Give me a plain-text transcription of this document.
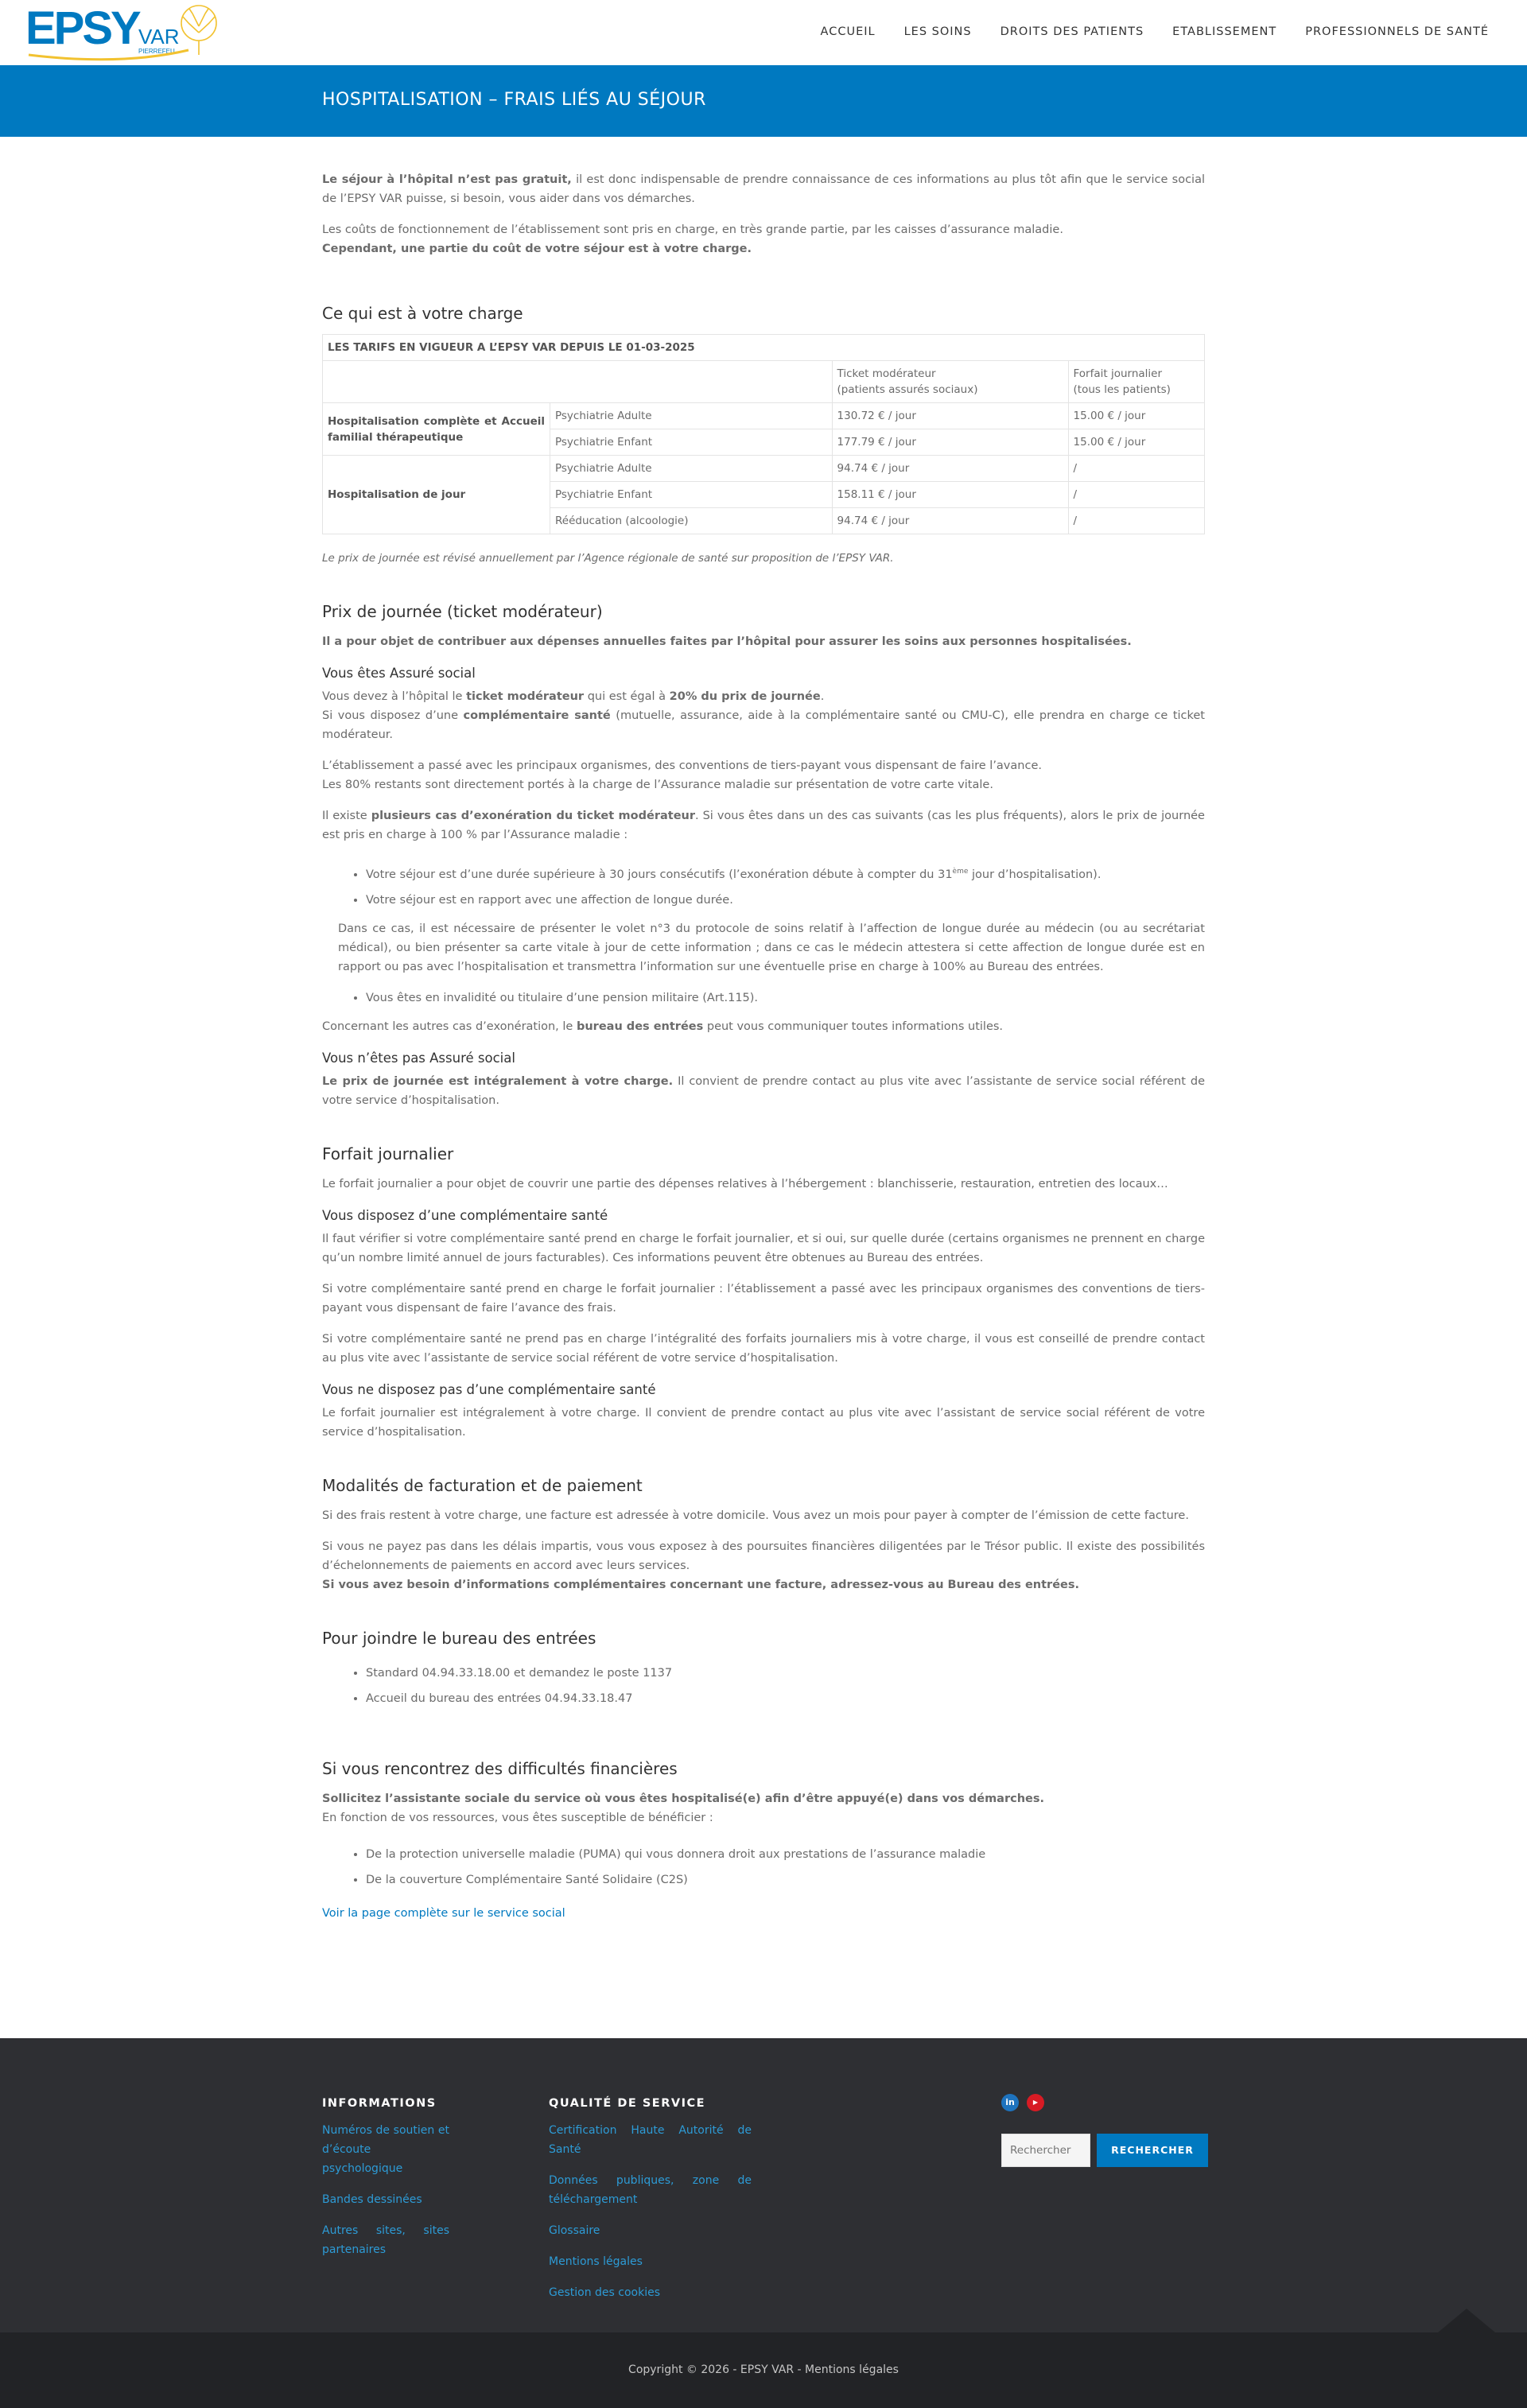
EPSY VAR
PIERREFEU
ACCUEIL LES SOINS DROITS DES PATIENTS ETABLISSEMENT PROFESSIONNELS DE SANTÉ
HOSPITALISATION – FRAIS LIÉS AU SÉJOUR

Le séjour à l’hôpital n’est pas gratuit, il est donc indispensable de prendre connaissance de ces informations au plus tôt afin que le service social de l’EPSY VAR puisse, si besoin, vous aider dans vos démarches.

Les coûts de fonctionnement de l’établissement sont pris en charge, en très grande partie, par les caisses d’assurance maladie.
Cependant, une partie du coût de votre séjour est à votre charge.

Ce qui est à votre charge
LES TARIFS EN VIGUEUR A L’EPSY VAR DEPUIS LE 01-03-2025			
		Ticket modérateur
(patients assurés sociaux)	Forfait journalier
(tous les patients)
Hospitalisation complète et Accueil familial thérapeutique	Psychiatrie Adulte	130.72 € / jour	15.00 € / jour
	Psychiatrie Enfant	177.79 € / jour	15.00 € / jour
Hospitalisation de jour	Psychiatrie Adulte	94.74 € / jour	/
	Psychiatrie Enfant	158.11 € / jour	/
	Rééducation (alcoologie)	94.74 € / jour	/

Le prix de journée est révisé annuellement par l’Agence régionale de santé sur proposition de l’EPSY VAR.

Prix de journée (ticket modérateur)

Il a pour objet de contribuer aux dépenses annuelles faites par l’hôpital pour assurer les soins aux personnes hospitalisées.

Vous êtes Assuré social

Vous devez à l’hôpital le ticket modérateur qui est égal à 20% du prix de journée.
Si vous disposez d’une complémentaire santé (mutuelle, assurance, aide à la complémentaire santé ou CMU-C), elle prendra en charge ce ticket modérateur.

L’établissement a passé avec les principaux organismes, des conventions de tiers-payant vous dispensant de faire l’avance.
Les 80% restants sont directement portés à la charge de l’Assurance maladie sur présentation de votre carte vitale.

Il existe plusieurs cas d’exonération du ticket modérateur. Si vous êtes dans un des cas suivants (cas les plus fréquents), alors le prix de journée est pris en charge à 100 % par l’Assurance maladie :

• Votre séjour est d’une durée supérieure à 30 jours consécutifs (l’exonération débute à compter du 31ème jour d’hospitalisation).
• Votre séjour est en rapport avec une affection de longue durée.

Dans ce cas, il est nécessaire de présenter le volet n°3 du protocole de soins relatif à l’affection de longue durée au médecin (ou au secrétariat médical), ou bien présenter sa carte vitale à jour de cette information ; dans ce cas le médecin attestera si cette affection de longue durée est en rapport ou pas avec l’hospitalisation et transmettra l’information sur une éventuelle prise en charge à 100% au Bureau des entrées.

• Vous êtes en invalidité ou titulaire d’une pension militaire (Art.115).

Concernant les autres cas d’exonération, le bureau des entrées peut vous communiquer toutes informations utiles.

Vous n’êtes pas Assuré social

Le prix de journée est intégralement à votre charge. Il convient de prendre contact au plus vite avec l’assistante de service social référent de votre service d’hospitalisation.

Forfait journalier

Le forfait journalier a pour objet de couvrir une partie des dépenses relatives à l’hébergement : blanchisserie, restauration, entretien des locaux…

Vous disposez d’une complémentaire santé

Il faut vérifier si votre complémentaire santé prend en charge le forfait journalier, et si oui, sur quelle durée (certains organismes ne prennent en charge qu’un nombre limité annuel de jours facturables). Ces informations peuvent être obtenues au Bureau des entrées.

Si votre complémentaire santé prend en charge le forfait journalier : l’établissement a passé avec les principaux organismes des conventions de tiers-payant vous dispensant de faire l’avance des frais.

Si votre complémentaire santé ne prend pas en charge l’intégralité des forfaits journaliers mis à votre charge, il vous est conseillé de prendre contact au plus vite avec l’assistante de service social référent de votre service d’hospitalisation.

Vous ne disposez pas d’une complémentaire santé

Le forfait journalier est intégralement à votre charge. Il convient de prendre contact au plus vite avec l’assistant de service social référent de votre service d’hospitalisation.

Modalités de facturation et de paiement

Si des frais restent à votre charge, une facture est adressée à votre domicile. Vous avez un mois pour payer à compter de l’émission de cette facture.

Si vous ne payez pas dans les délais impartis, vous vous exposez à des poursuites financières diligentées par le Trésor public. Il existe des possibilités d’échelonnements de paiements en accord avec leurs services.
Si vous avez besoin d’informations complémentaires concernant une facture, adressez-vous au Bureau des entrées.

Pour joindre le bureau des entrées
• Standard 04.94.33.18.00 et demandez le poste 1137
• Accueil du bureau des entrées 04.94.33.18.47
Si vous rencontrez des difficultés financières

Sollicitez l’assistante sociale du service où vous êtes hospitalisé(e) afin d’être appuyé(e) dans vos démarches.
En fonction de vos ressources, vous êtes susceptible de bénéficier :

• De la protection universelle maladie (PUMA) qui vous donnera droit aux prestations de l’assurance maladie
• De la couverture Complémentaire Santé Solidaire (C2S)

Voir la page complète sur le service social

INFORMATIONS
Numéros de soutien et d’écoute psychologique
Bandes dessinées
Autres sites, sites partenaires
QUALITÉ DE SERVICE
Certification Haute Autorité de Santé
Données publiques, zone de téléchargement
Glossaire
Mentions légales
Gestion des cookies
in	▶
Rechercher
RECHERCHER
Copyright © 2026 - EPSY VAR - Mentions légales
